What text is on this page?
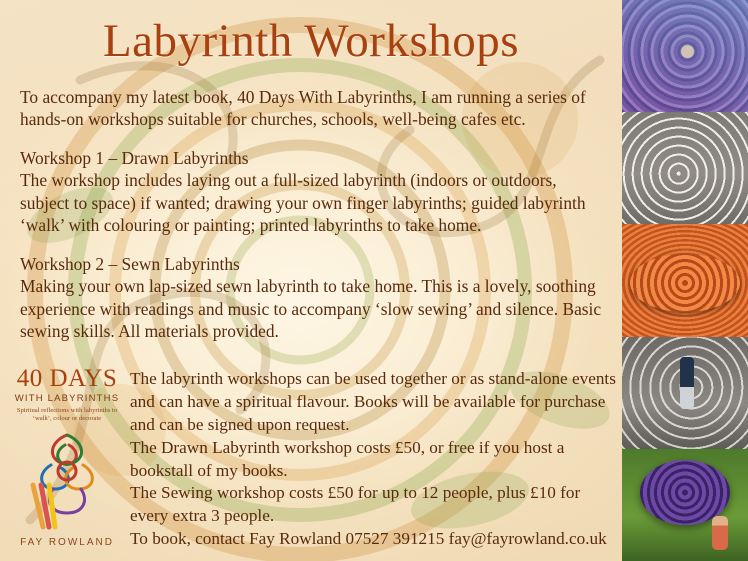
Labyrinth Workshops

To accompany my latest book, 40 Days With Labyrinths, I am running a series of hands-on workshops suitable for churches, schools, well-being cafes etc.

Workshop 1 – Drawn Labyrinths

The workshop includes laying out a full-sized labyrinth (indoors or outdoors, subject to space) if wanted; drawing your own finger labyrinths; guided labyrinth ‘walk’ with colouring or painting; printed labyrinths to take home.

Workshop 2 – Sewn Labyrinths

Making your own lap-sized sewn labyrinth to take home. This is a lovely, soothing experience with readings and music to accompany ‘slow sewing’ and silence. Basic sewing skills. All materials provided.

The labyrinth workshops can be used together or as stand-alone events and can have a spiritual flavour. Books will be available for purchase and can be signed upon request.

The Drawn Labyrinth workshop costs £50, or free if you host a bookstall of my books.

The Sewing workshop costs £50 for up to 12 people, plus £10 for every extra 3 people.

To book, contact Fay Rowland 07527 391215 fay@fayrowland.co.uk

40 DAYS
WITH LABYRINTHS
Spiritual reflections with labyrinths to ‘walk’, colour or decorate
FAY ROWLAND
